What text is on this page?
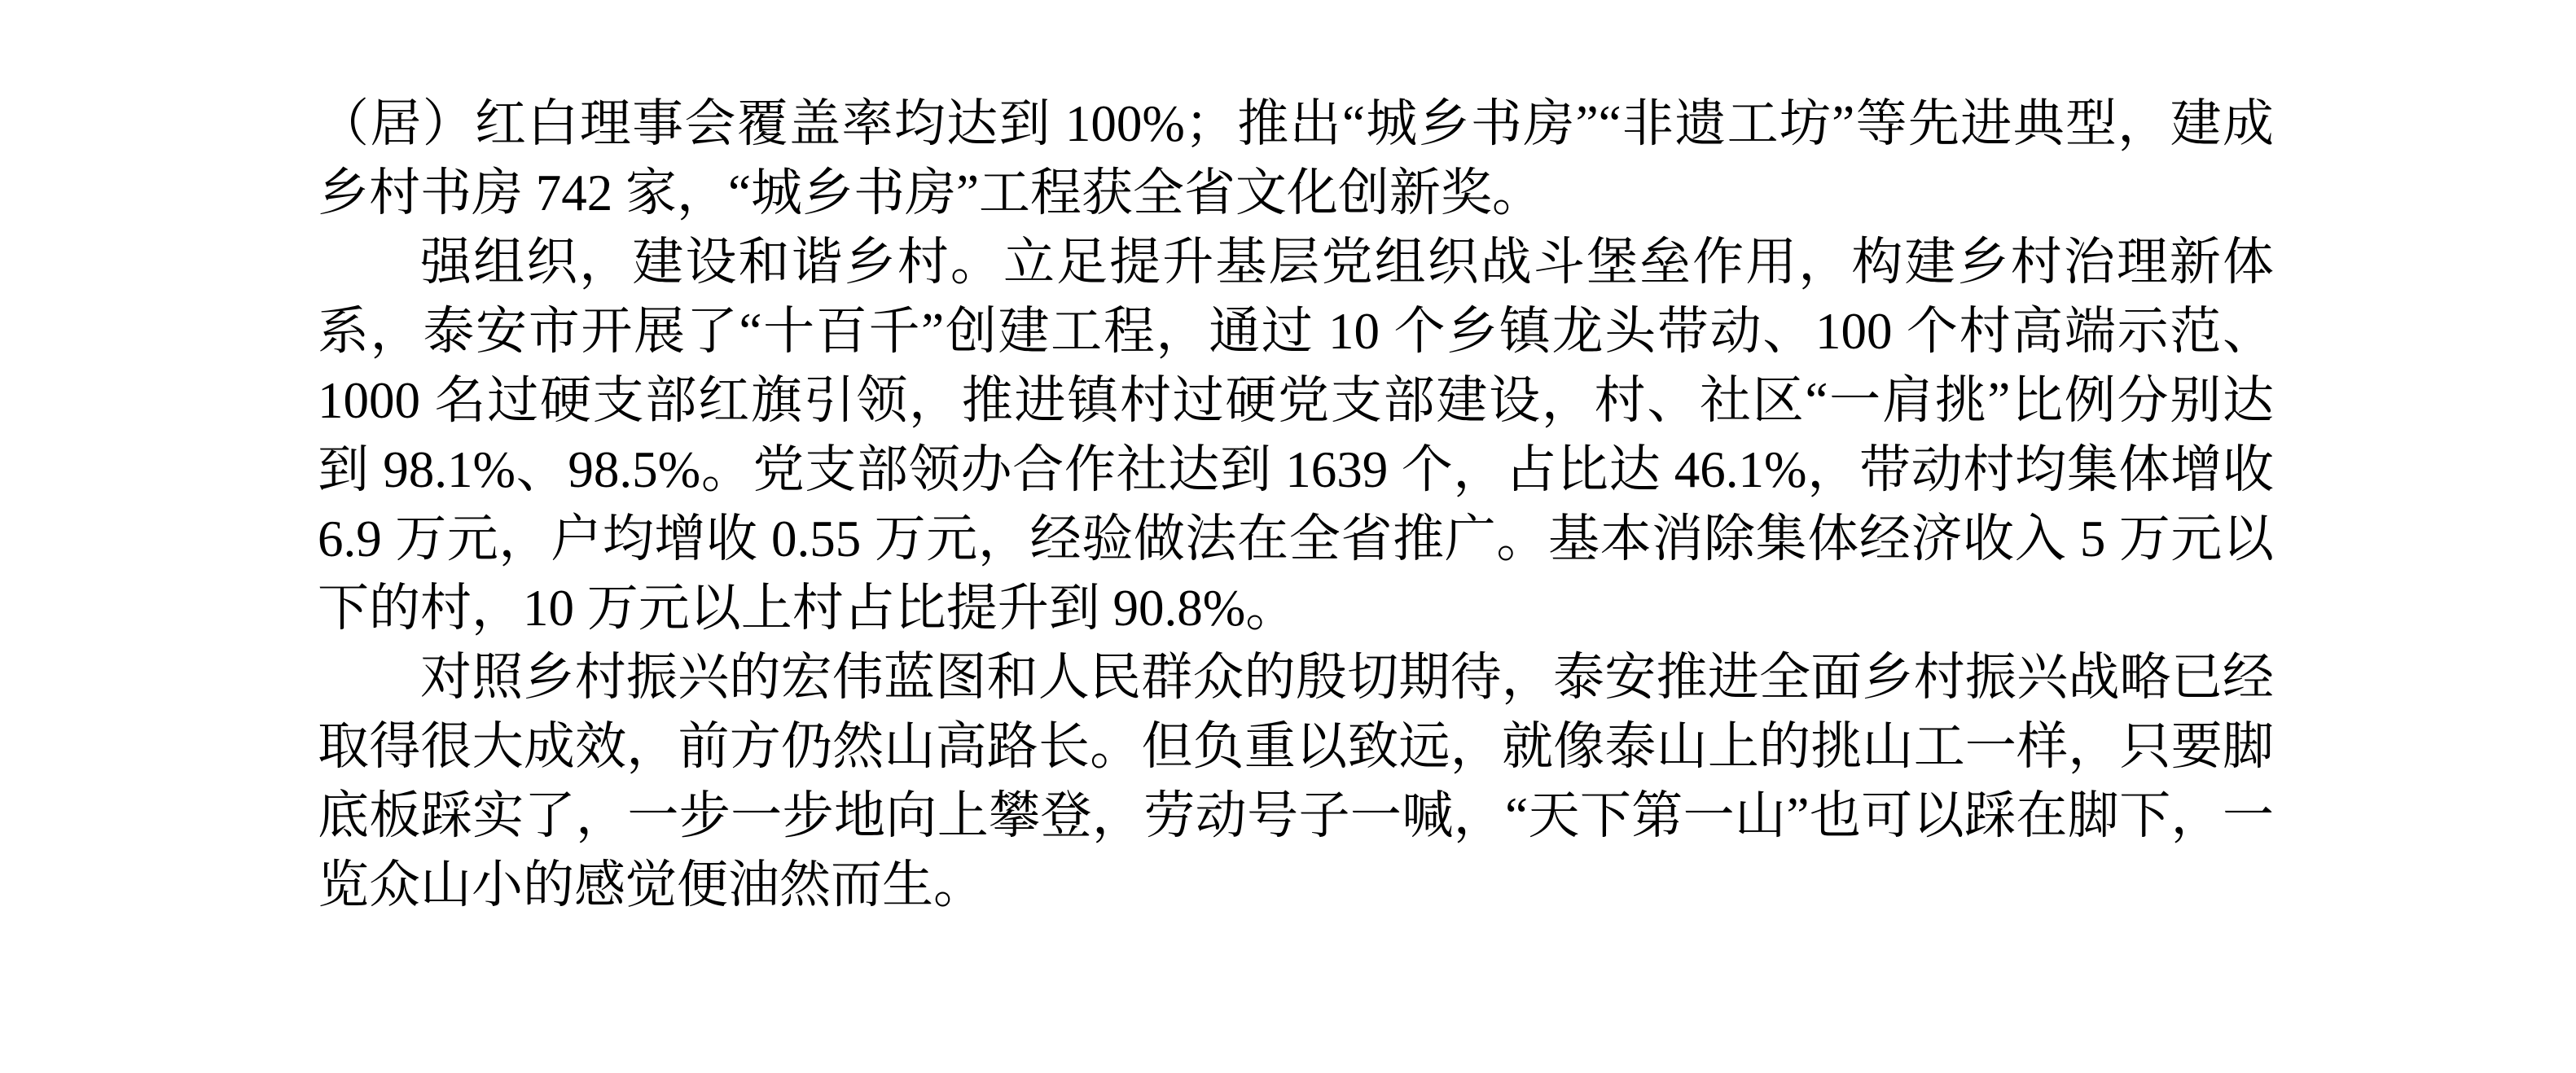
（居）红白理事会覆盖率均达到 100%；推出“城乡书房”“非遗工坊”等先进典型，建成乡村书房 742 家，“城乡书房”工程获全省文化创新奖。

强组织，建设和谐乡村。立足提升基层党组织战斗堡垒作用，构建乡村治理新体系，泰安市开展了“十百千”创建工程，通过 10 个乡镇龙头带动、100 个村高端示范、1000 名过硬支部红旗引领，推进镇村过硬党支部建设，村、社区“一肩挑”比例分别达到 98.1%、98.5%。党支部领办合作社达到 1639 个，占比达 46.1%，带动村均集体增收 6.9 万元，户均增收 0.55 万元，经验做法在全省推广。基本消除集体经济收入 5 万元以下的村，10 万元以上村占比提升到 90.8%。

对照乡村振兴的宏伟蓝图和人民群众的殷切期待，泰安推进全面乡村振兴战略已经取得很大成效，前方仍然山高路长。但负重以致远，就像泰山上的挑山工一样，只要脚底板踩实了，一步一步地向上攀登，劳动号子一喊，“天下第一山”也可以踩在脚下，一览众山小的感觉便油然而生。
